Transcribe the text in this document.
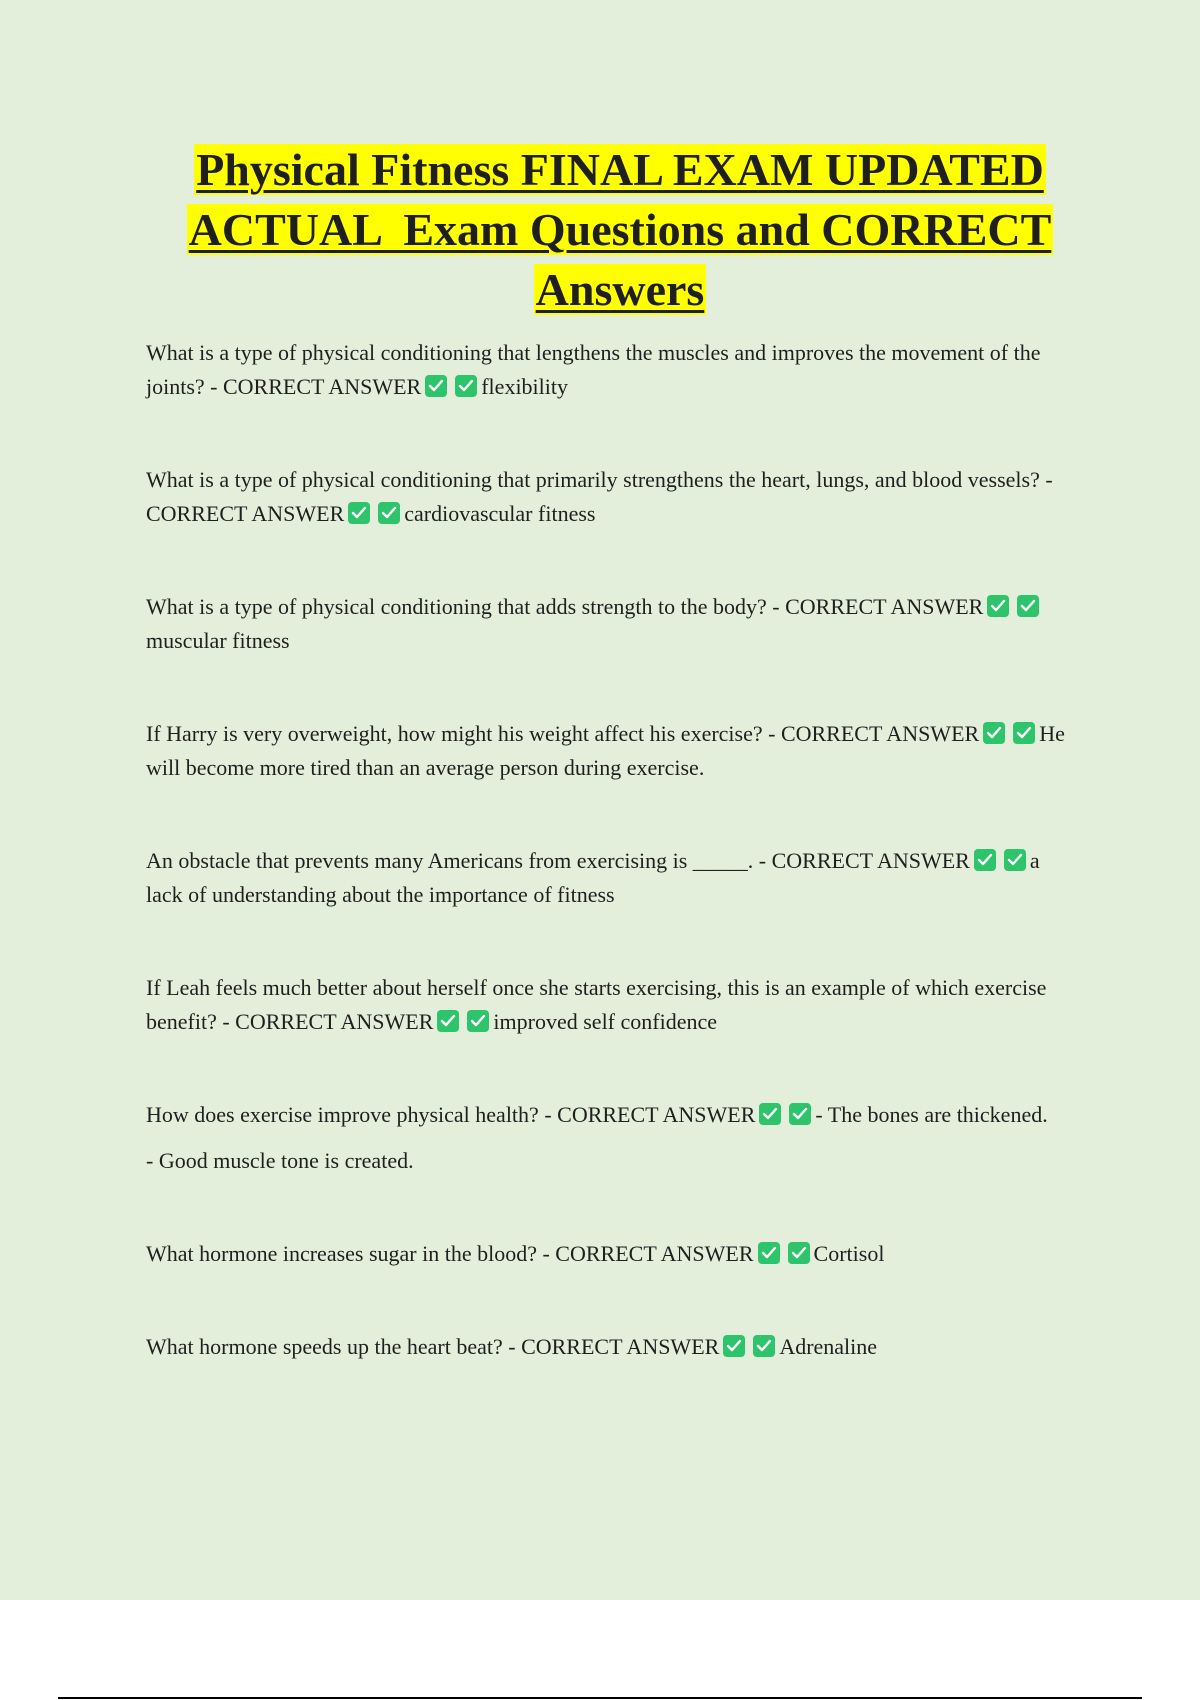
Physical Fitness FINAL EXAM UPDATED
ACTUAL  Exam Questions and CORRECT
Answers

What is a type of physical conditioning that lengthens the muscles and improves the movement of the joints? - CORRECT ANSWER	flexibility

What is a type of physical conditioning that primarily strengthens the heart, lungs, and blood vessels? - CORRECT ANSWER	cardiovascular fitness

What is a type of physical conditioning that adds strength to the body? - CORRECT ANSWER
muscular fitness

If Harry is very overweight, how might his weight affect his exercise? - CORRECT ANSWER	He will become more tired than an average person during exercise.

An obstacle that prevents many Americans from exercising is _____. - CORRECT ANSWER	a lack of understanding about the importance of fitness

If Leah feels much better about herself once she starts exercising, this is an example of which exercise benefit? - CORRECT ANSWER	improved self confidence

How does exercise improve physical health? - CORRECT ANSWER	- The bones are thickened.

- Good muscle tone is created.

What hormone increases sugar in the blood? - CORRECT ANSWER	Cortisol

What hormone speeds up the heart beat? - CORRECT ANSWER	Adrenaline
